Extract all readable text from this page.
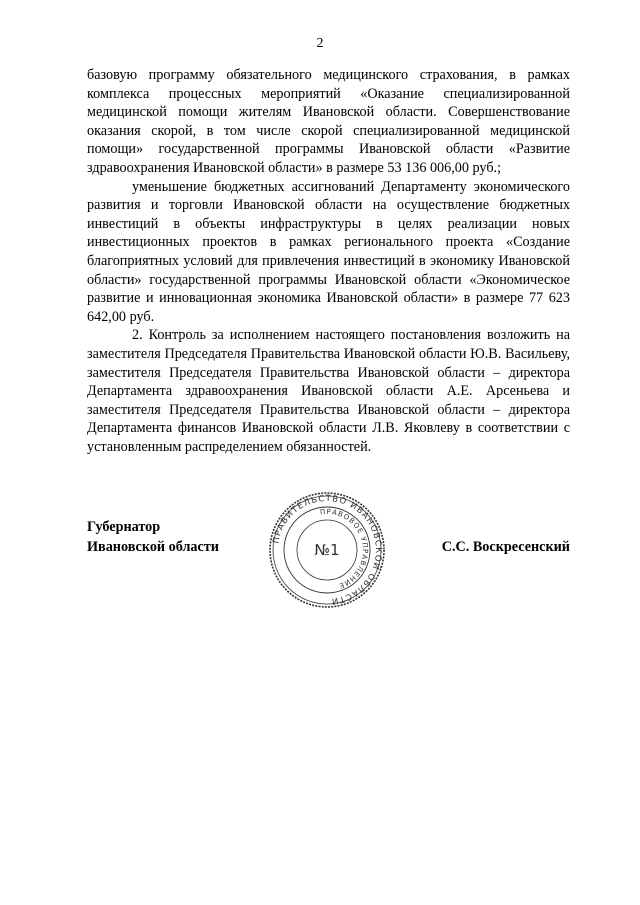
2

базовую программу обязательного медицинского страхования, в рамках комплекса процессных мероприятий «Оказание специализированной медицинской помощи жителям Ивановской области. Совершенствование оказания скорой, в том числе скорой специализированной медицинской помощи» государственной программы Ивановской области «Развитие здравоохранения Ивановской области» в размере 53 136 006,00 руб.;

уменьшение бюджетных ассигнований Департаменту экономического развития и торговли Ивановской области на осуществление бюджетных инвестиций в объекты инфраструктуры в целях реализации новых инвестиционных проектов в рамках регионального проекта «Создание благоприятных условий для привлечения инвестиций в экономику Ивановской области» государственной программы Ивановской области «Экономическое развитие и инновационная экономика Ивановской области» в размере 77 623 642,00 руб.

2. Контроль за исполнением настоящего постановления возложить на заместителя Председателя Правительства Ивановской области Ю.В. Васильеву, заместителя Председателя Правительства Ивановской области – директора Департамента здравоохранения Ивановской области А.Е. Арсеньева и заместителя Председателя Правительства Ивановской области – директора Департамента финансов Ивановской области Л.В. Яковлеву в соответствии с установленным распределением обязанностей.

Губернатор
Ивановской области	ПРАВИТЕЛЬСТВО ИВАНОВСКОЙ ОБЛАСТИ
ПРАВОВОЕ УПРАВЛЕНИЕ
№1	С.С. Воскресенский
